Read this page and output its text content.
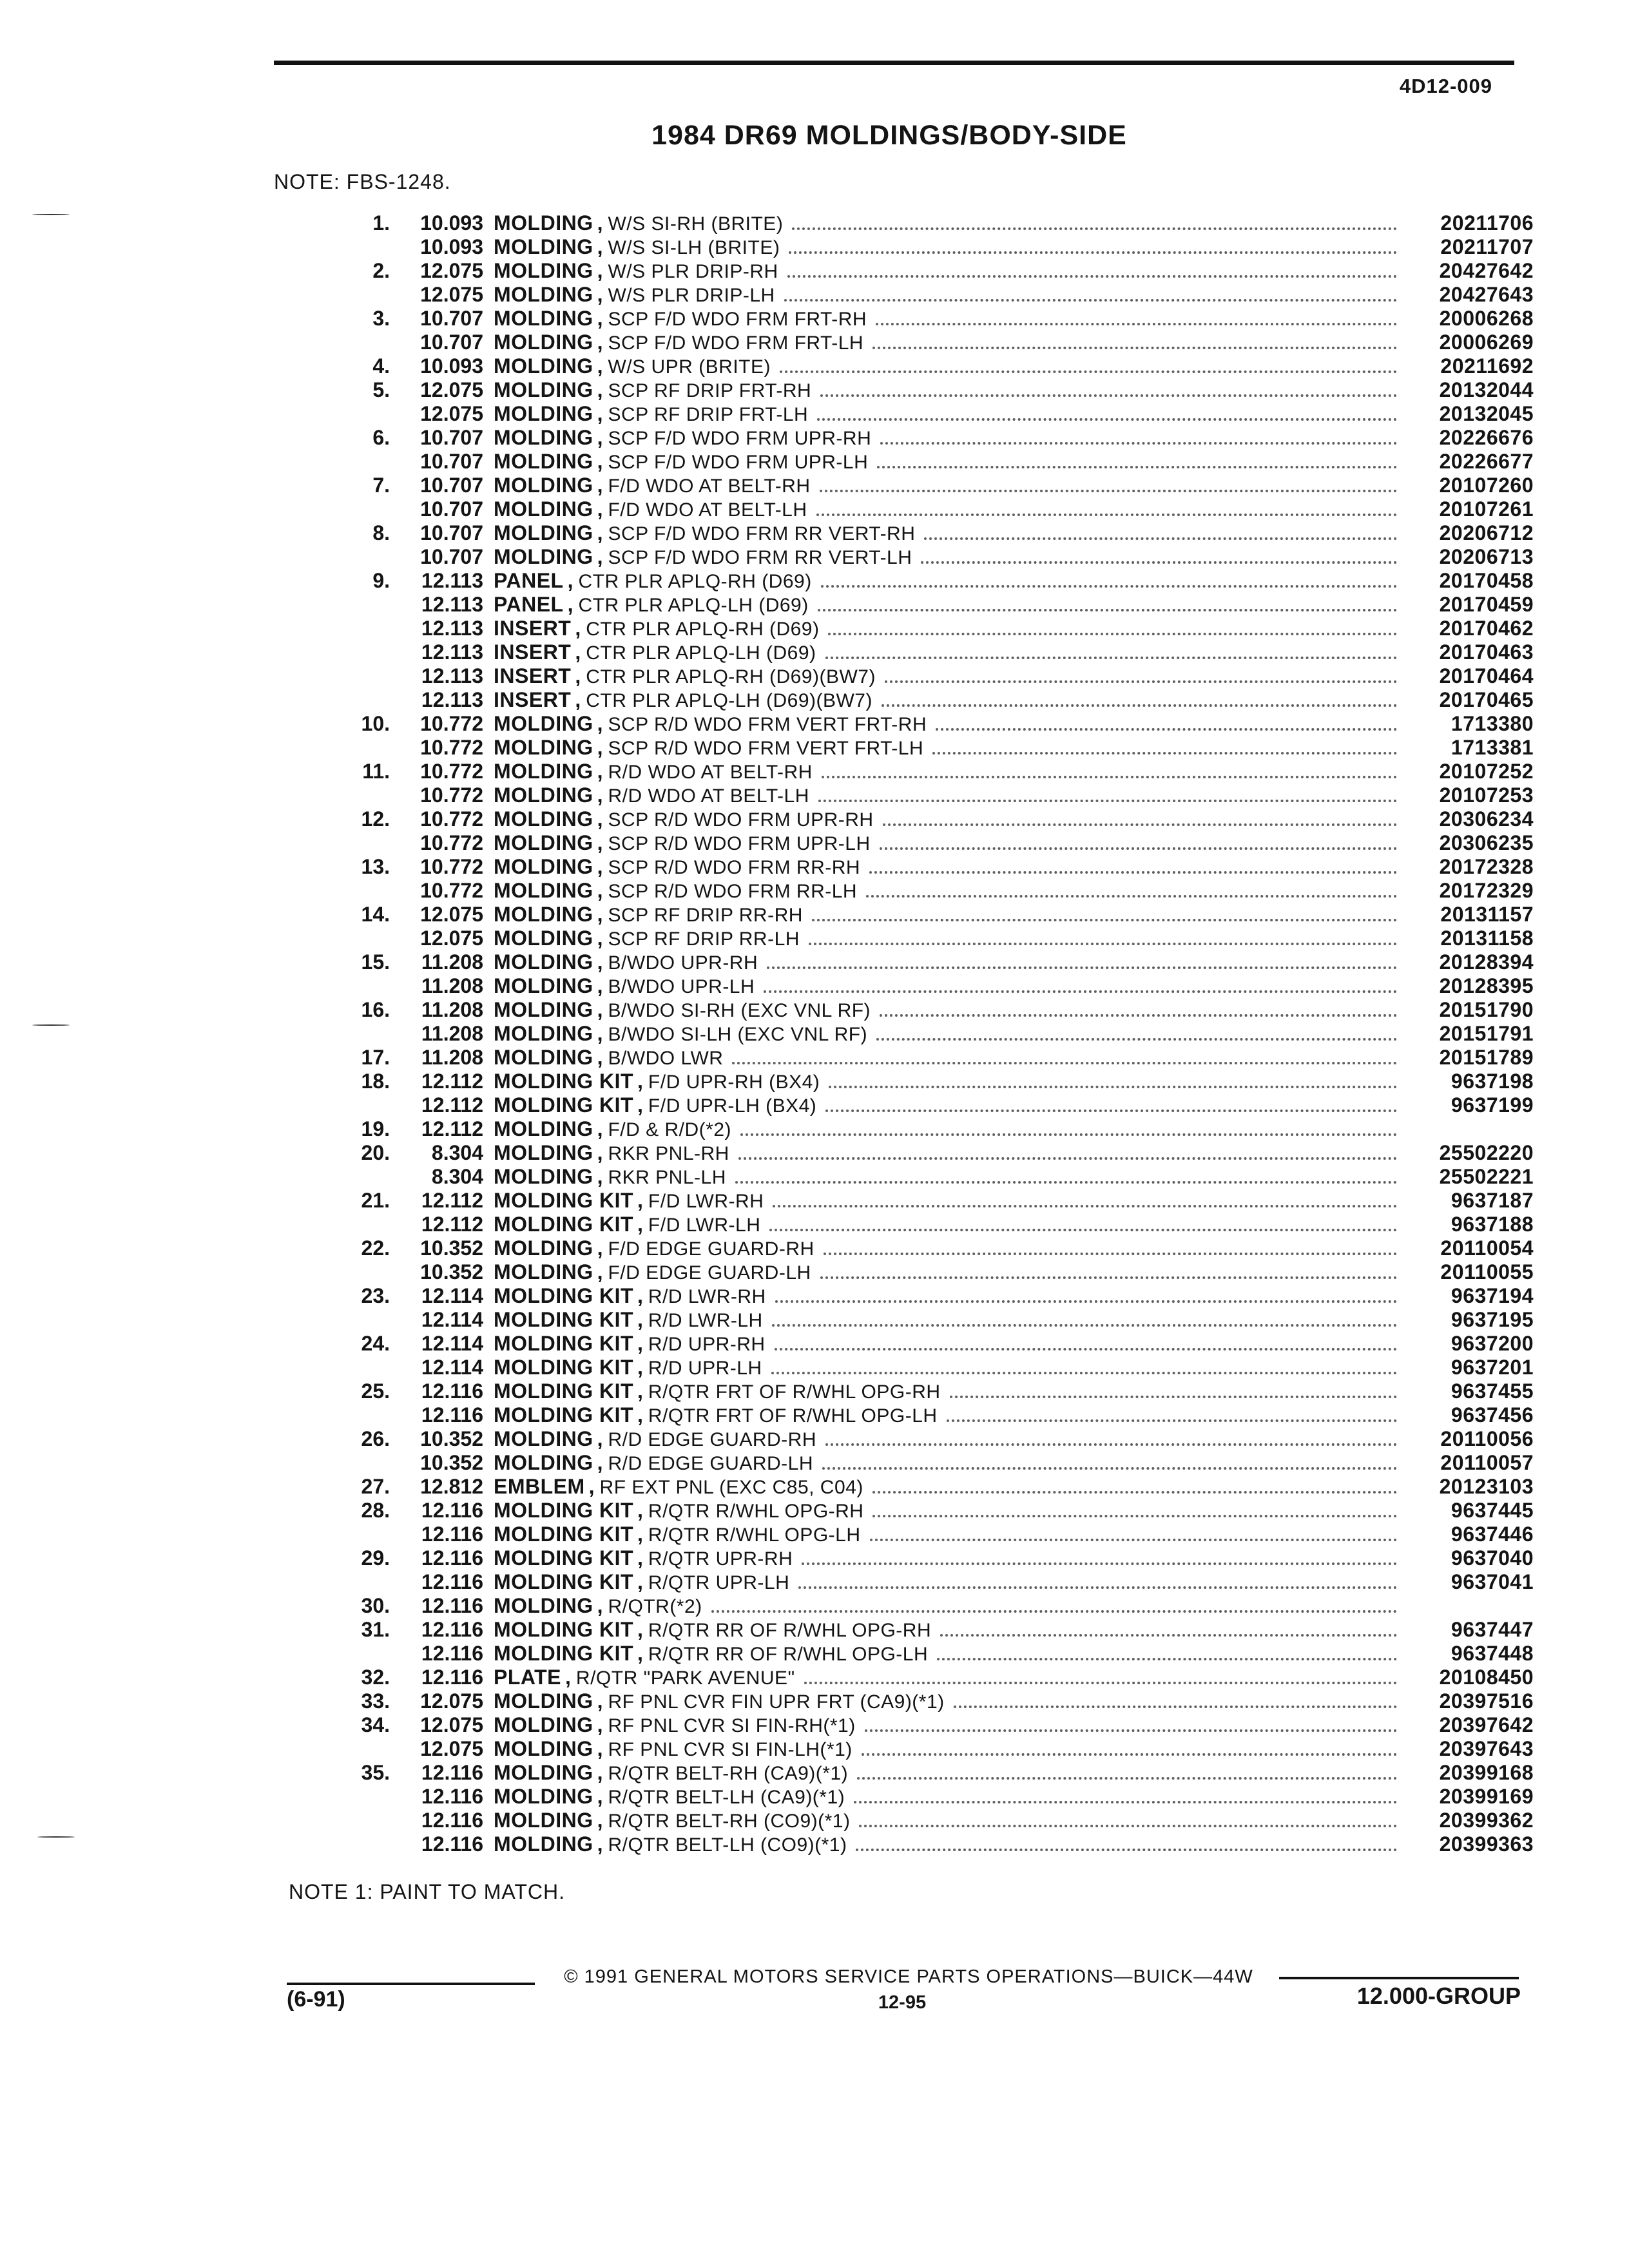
4D12-009
1984 DR69 MOLDINGS/BODY-SIDE
NOTE: FBS-1248.
1.	10.093 MOLDING , W/S SI-RH (BRITE)	20211706
10.093 MOLDING , W/S SI-LH (BRITE)	20211707
2.	12.075 MOLDING , W/S PLR DRIP-RH	20427642
12.075 MOLDING , W/S PLR DRIP-LH	20427643
3.	10.707 MOLDING , SCP F/D WDO FRM FRT-RH	20006268
10.707 MOLDING , SCP F/D WDO FRM FRT-LH	20006269
4.	10.093 MOLDING , W/S UPR (BRITE)	20211692
5.	12.075 MOLDING , SCP RF DRIP FRT-RH	20132044
12.075 MOLDING , SCP RF DRIP FRT-LH	20132045
6.	10.707 MOLDING , SCP F/D WDO FRM UPR-RH	20226676
10.707 MOLDING , SCP F/D WDO FRM UPR-LH	20226677
7.	10.707 MOLDING , F/D WDO AT BELT-RH	20107260
10.707 MOLDING , F/D WDO AT BELT-LH	20107261
8.	10.707 MOLDING , SCP F/D WDO FRM RR VERT-RH	20206712
10.707 MOLDING , SCP F/D WDO FRM RR VERT-LH	20206713
9.	12.113 PANEL , CTR PLR APLQ-RH (D69)	20170458
12.113 PANEL , CTR PLR APLQ-LH (D69)	20170459
12.113 INSERT , CTR PLR APLQ-RH (D69)	20170462
12.113 INSERT , CTR PLR APLQ-LH (D69)	20170463
12.113 INSERT , CTR PLR APLQ-RH (D69)(BW7)	20170464
12.113 INSERT , CTR PLR APLQ-LH (D69)(BW7)	20170465
10.	10.772 MOLDING , SCP R/D WDO FRM VERT FRT-RH	1713380
10.772 MOLDING , SCP R/D WDO FRM VERT FRT-LH	1713381
11.	10.772 MOLDING , R/D WDO AT BELT-RH	20107252
10.772 MOLDING , R/D WDO AT BELT-LH	20107253
12.	10.772 MOLDING , SCP R/D WDO FRM UPR-RH	20306234
10.772 MOLDING , SCP R/D WDO FRM UPR-LH	20306235
13.	10.772 MOLDING , SCP R/D WDO FRM RR-RH	20172328
10.772 MOLDING , SCP R/D WDO FRM RR-LH	20172329
14.	12.075 MOLDING , SCP RF DRIP RR-RH	20131157
12.075 MOLDING , SCP RF DRIP RR-LH	20131158
15.	11.208 MOLDING , B/WDO UPR-RH	20128394
11.208 MOLDING , B/WDO UPR-LH	20128395
16.	11.208 MOLDING , B/WDO SI-RH (EXC VNL RF)	20151790
11.208 MOLDING , B/WDO SI-LH (EXC VNL RF)	20151791
17.	11.208 MOLDING , B/WDO LWR	20151789
18.	12.112 MOLDING KIT , F/D UPR-RH (BX4)	9637198
12.112 MOLDING KIT , F/D UPR-LH (BX4)	9637199
19.	12.112 MOLDING , F/D & R/D(*2)
20.	8.304 MOLDING , RKR PNL-RH	25502220
8.304 MOLDING , RKR PNL-LH	25502221
21.	12.112 MOLDING KIT , F/D LWR-RH	9637187
12.112 MOLDING KIT , F/D LWR-LH	9637188
22.	10.352 MOLDING , F/D EDGE GUARD-RH	20110054
10.352 MOLDING , F/D EDGE GUARD-LH	20110055
23.	12.114 MOLDING KIT , R/D LWR-RH	9637194
12.114 MOLDING KIT , R/D LWR-LH	9637195
24.	12.114 MOLDING KIT , R/D UPR-RH	9637200
12.114 MOLDING KIT , R/D UPR-LH	9637201
25.	12.116 MOLDING KIT , R/QTR FRT OF R/WHL OPG-RH	9637455
12.116 MOLDING KIT , R/QTR FRT OF R/WHL OPG-LH	9637456
26.	10.352 MOLDING , R/D EDGE GUARD-RH	20110056
10.352 MOLDING , R/D EDGE GUARD-LH	20110057
27.	12.812 EMBLEM , RF EXT PNL (EXC C85, C04)	20123103
28.	12.116 MOLDING KIT , R/QTR R/WHL OPG-RH	9637445
12.116 MOLDING KIT , R/QTR R/WHL OPG-LH	9637446
29.	12.116 MOLDING KIT , R/QTR UPR-RH	9637040
12.116 MOLDING KIT , R/QTR UPR-LH	9637041
30.	12.116 MOLDING , R/QTR(*2)
31.	12.116 MOLDING KIT , R/QTR RR OF R/WHL OPG-RH	9637447
12.116 MOLDING KIT , R/QTR RR OF R/WHL OPG-LH	9637448
32.	12.116 PLATE , R/QTR "PARK AVENUE"	20108450
33.	12.075 MOLDING , RF PNL CVR FIN UPR FRT (CA9)(*1)	20397516
34.	12.075 MOLDING , RF PNL CVR SI FIN-RH(*1)	20397642
12.075 MOLDING , RF PNL CVR SI FIN-LH(*1)	20397643
35.	12.116 MOLDING , R/QTR BELT-RH (CA9)(*1)	20399168
12.116 MOLDING , R/QTR BELT-LH (CA9)(*1)	20399169
12.116 MOLDING , R/QTR BELT-RH (CO9)(*1)	20399362
12.116 MOLDING , R/QTR BELT-LH (CO9)(*1)	20399363
NOTE 1: PAINT TO MATCH.
© 1991 GENERAL MOTORS SERVICE PARTS OPERATIONS—BUICK—44W
(6-91)	12-95	12.000-GROUP
